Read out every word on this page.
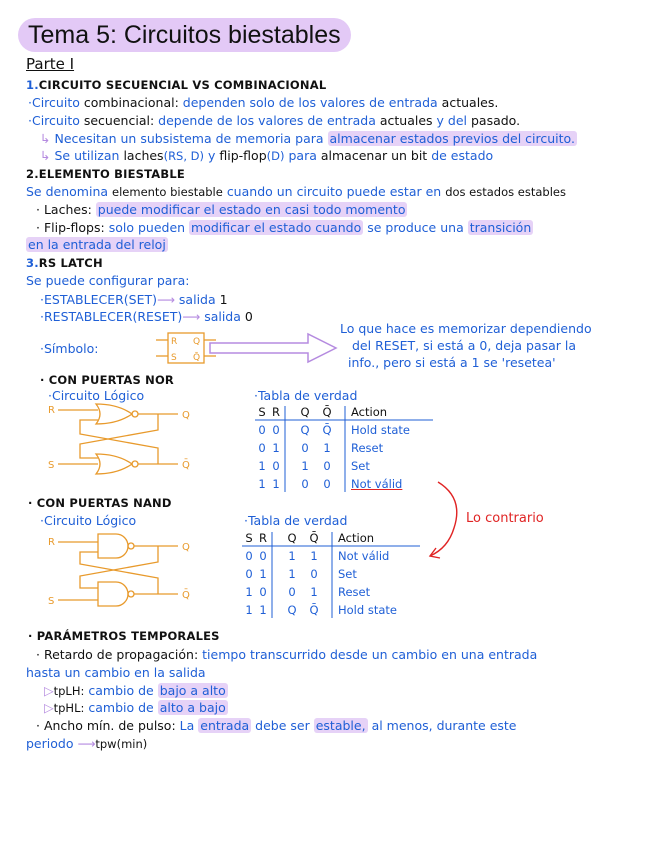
Tema 5: Circuitos biestables
Parte I
1.CIRCUITO SECUENCIAL VS COMBINACIONAL
·Circuito combinacional: dependen solo de los valores de entrada actuales.
·Circuito secuencial: depende de los valores de entrada actuales y del pasado.
↳ Necesitan un subsistema de memoria para almacenar estados previos del circuito.
↳ Se utilizan laches(RS, D) y flip-flop(D) para almacenar un bit de estado
2.ELEMENTO BIESTABLE
Se denomina elemento biestable cuando un circuito puede estar en dos estados estables
· Laches: puede modificar el estado en casi todo momento
· Flip-flops: solo pueden modificar el estado cuando se produce una transición
en la entrada del reloj
3.RS LATCH
Se puede configurar para:
·ESTABLECER(SET)⟶ salida 1
·RESTABLECER(RESET)⟶ salida 0
·Símbolo:	R
S
Q
Q̄
Lo que hace es memorizar dependiendo
del RESET, si está a 0, deja pasar la
info., pero si está a 1 se 'resetea'
· CON PUERTAS NOR
·Circuito Lógico
R
S
Q
Q̄
·Tabla de verdad
S R	Q	Q̄	Action
0 0	Q	Q̄	Hold state
0 1	0	1	Reset
1 0	1	0	Set
1 1	0	0	Not válid
Lo contrario
· CON PUERTAS NAND
·Circuito Lógico
R
S
Q
Q̄
·Tabla de verdad
S R	Q	Q̄	Action
0 0	1	1	Not válid
0 1	1	0	Set
1 0	0	1	Reset
1 1	Q	Q̄	Hold state
· PARÁMETROS TEMPORALES
· Retardo de propagación: tiempo transcurrido desde un cambio en una entrada
hasta un cambio en la salida
▷tpLH: cambio de bajo a alto
▷tpHL: cambio de alto a bajo
· Ancho mín. de pulso: La entrada debe ser estable, al menos, durante este
periodo ⟶tpw(min)
